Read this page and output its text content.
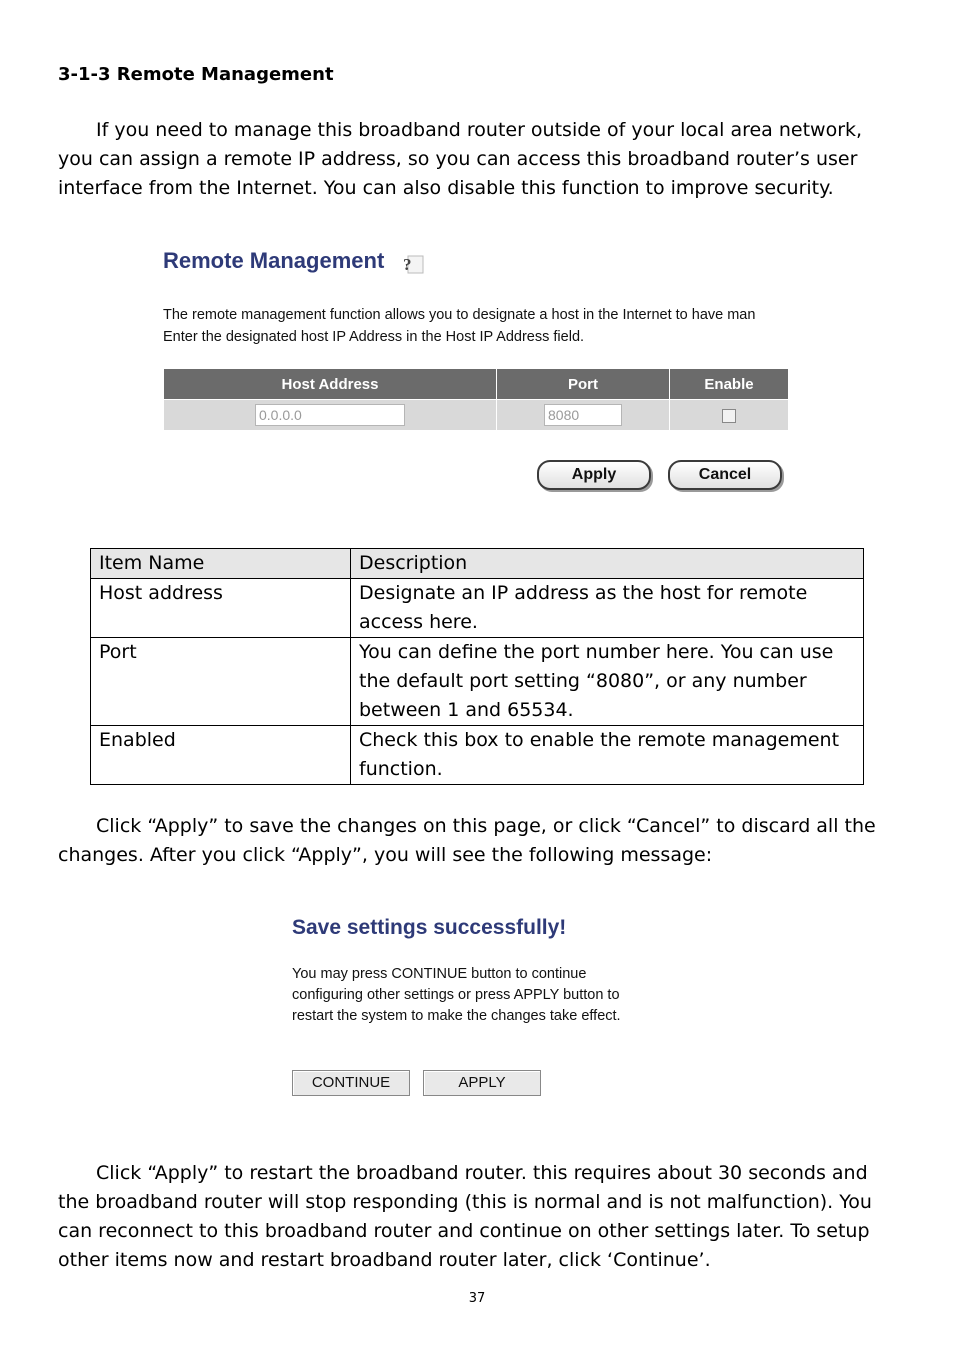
3-1-3 Remote Management

If you need to manage this broadband router outside of your local area network, you can assign a remote IP address, so you can access this broadband router’s user interface from the Internet. You can also disable this function to improve security.

Remote Management ?
The remote management function allows you to designate a host in the Internet to have man
Enter the designated host IP Address in the Host IP Address field.
Host Address	Port	Enable
0.0.0.0	8080	
Apply	Cancel
Item Name	Description
Host address	Designate an IP address as the host for remote access here.
Port	You can define the port number here. You can use the default port setting “8080”, or any number between 1 and 65534.
Enabled	Check this box to enable the remote management function.

Click “Apply” to save the changes on this page, or click “Cancel” to discard all the changes. After you click “Apply”, you will see the following message:

Save settings successfully!
You may press CONTINUE button to continue
configuring other settings or press APPLY button to
restart the system to make the changes take effect.
CONTINUE	APPLY

Click “Apply” to restart the broadband router. this requires about 30 seconds and the broadband router will stop responding (this is normal and is not malfunction). You can reconnect to this broadband router and continue on other settings later. To setup other items now and restart broadband router later, click ‘Continue’.

37
